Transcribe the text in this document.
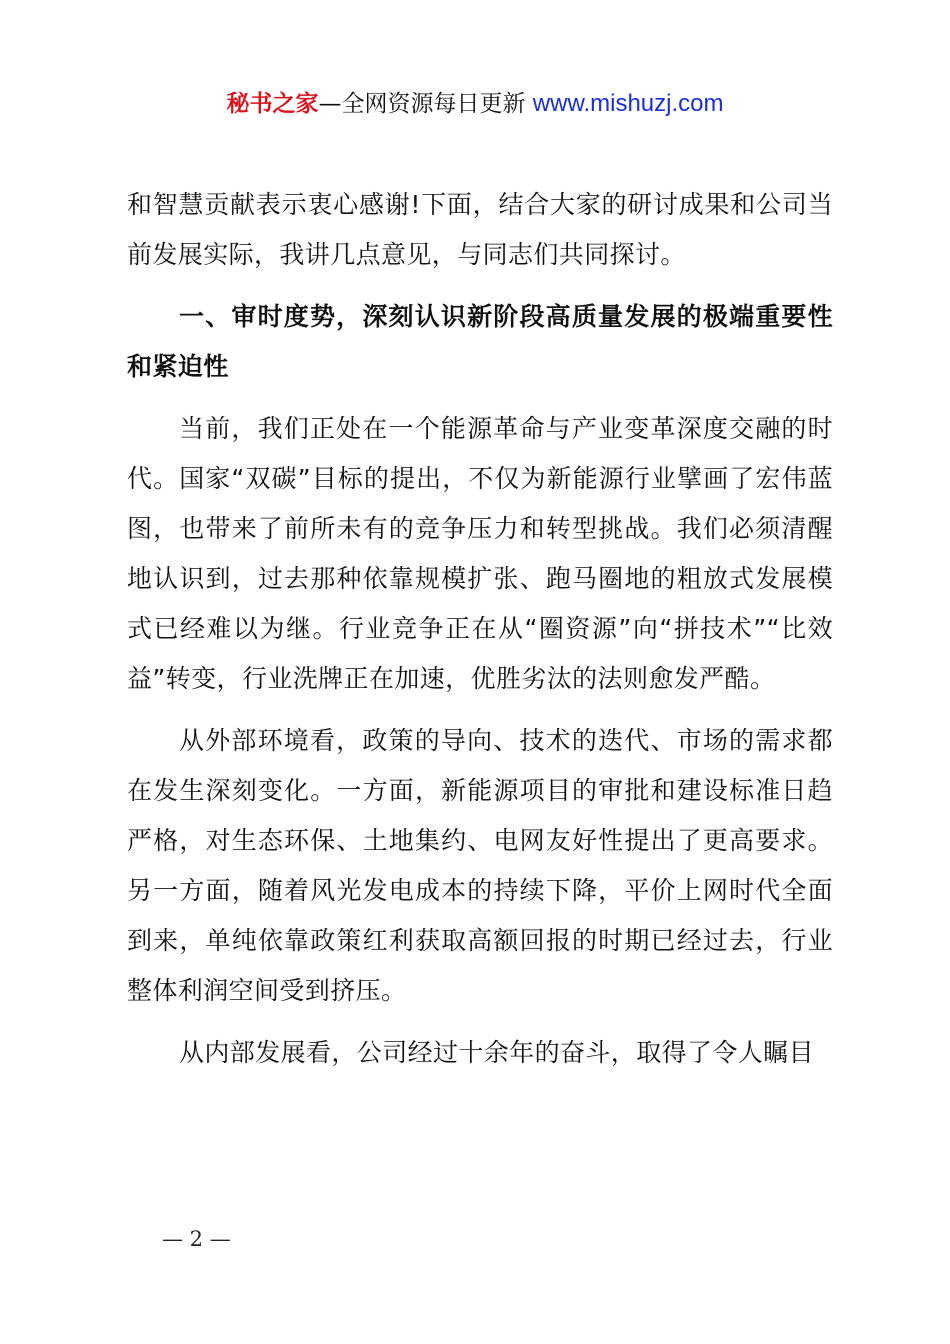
秘书之家—全网资源每日更新 www.mishuzj.com

和智慧贡献表示衷心感谢!下面，结合大家的研讨成果和公司当前发展实际，我讲几点意见，与同志们共同探讨。

一、审时度势，深刻认识新阶段高质量发展的极端重要性和紧迫性

当前，我们正处在一个能源革命与产业变革深度交融的时代。国家“双碳”目标的提出，不仅为新能源行业擘画了宏伟蓝图，也带来了前所未有的竞争压力和转型挑战。我们必须清醒地认识到，过去那种依靠规模扩张、跑马圈地的粗放式发展模式已经难以为继。行业竞争正在从“圈资源”向“拼技术”“比效益”转变，行业洗牌正在加速，优胜劣汰的法则愈发严酷。

从外部环境看，政策的导向、技术的迭代、市场的需求都在发生深刻变化。一方面，新能源项目的审批和建设标准日趋严格，对生态环保、土地集约、电网友好性提出了更高要求。另一方面，随着风光发电成本的持续下降，平价上网时代全面到来，单纯依靠政策红利获取高额回报的时期已经过去，行业整体利润空间受到挤压。

从内部发展看，公司经过十余年的奋斗，取得了令人瞩目

— 2 —
